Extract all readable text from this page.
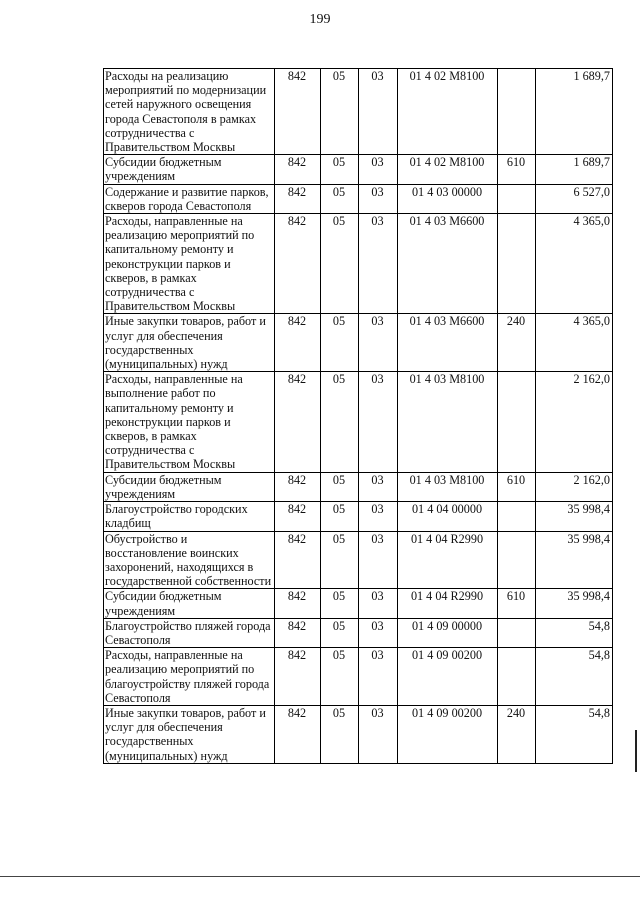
199
Расходы на реализацию мероприятий по модернизации сетей наружного освещения города Севастополя в рамках сотрудничества с Правительством Москвы	842	05	03	01 4 02 M8100		1 689,7
Субсидии бюджетным учреждениям	842	05	03	01 4 02 M8100	610	1 689,7
Содержание и развитие парков, скверов города Севастополя	842	05	03	01 4 03 00000		6 527,0
Расходы, направленные на реализацию мероприятий по капитальному ремонту и реконструкции парков и скверов, в рамках сотрудничества с Правительством Москвы	842	05	03	01 4 03 M6600		4 365,0
Иные закупки товаров, работ и услуг для обеспечения государственных (муниципальных) нужд	842	05	03	01 4 03 M6600	240	4 365,0
Расходы, направленные на выполнение работ по капитальному ремонту и реконструкции парков и скверов, в рамках сотрудничества с Правительством Москвы	842	05	03	01 4 03 M8100		2 162,0
Субсидии бюджетным учреждениям	842	05	03	01 4 03 M8100	610	2 162,0
Благоустройство городских кладбищ	842	05	03	01 4 04 00000		35 998,4
Обустройство и восстановление воинских захоронений, находящихся в государственной собственности	842	05	03	01 4 04 R2990		35 998,4
Субсидии бюджетным учреждениям	842	05	03	01 4 04 R2990	610	35 998,4
Благоустройство пляжей города Севастополя	842	05	03	01 4 09 00000		54,8
Расходы, направленные на реализацию мероприятий по благоустройству пляжей города Севастополя	842	05	03	01 4 09 00200		54,8
Иные закупки товаров, работ и услуг для обеспечения государственных (муниципальных) нужд	842	05	03	01 4 09 00200	240	54,8
